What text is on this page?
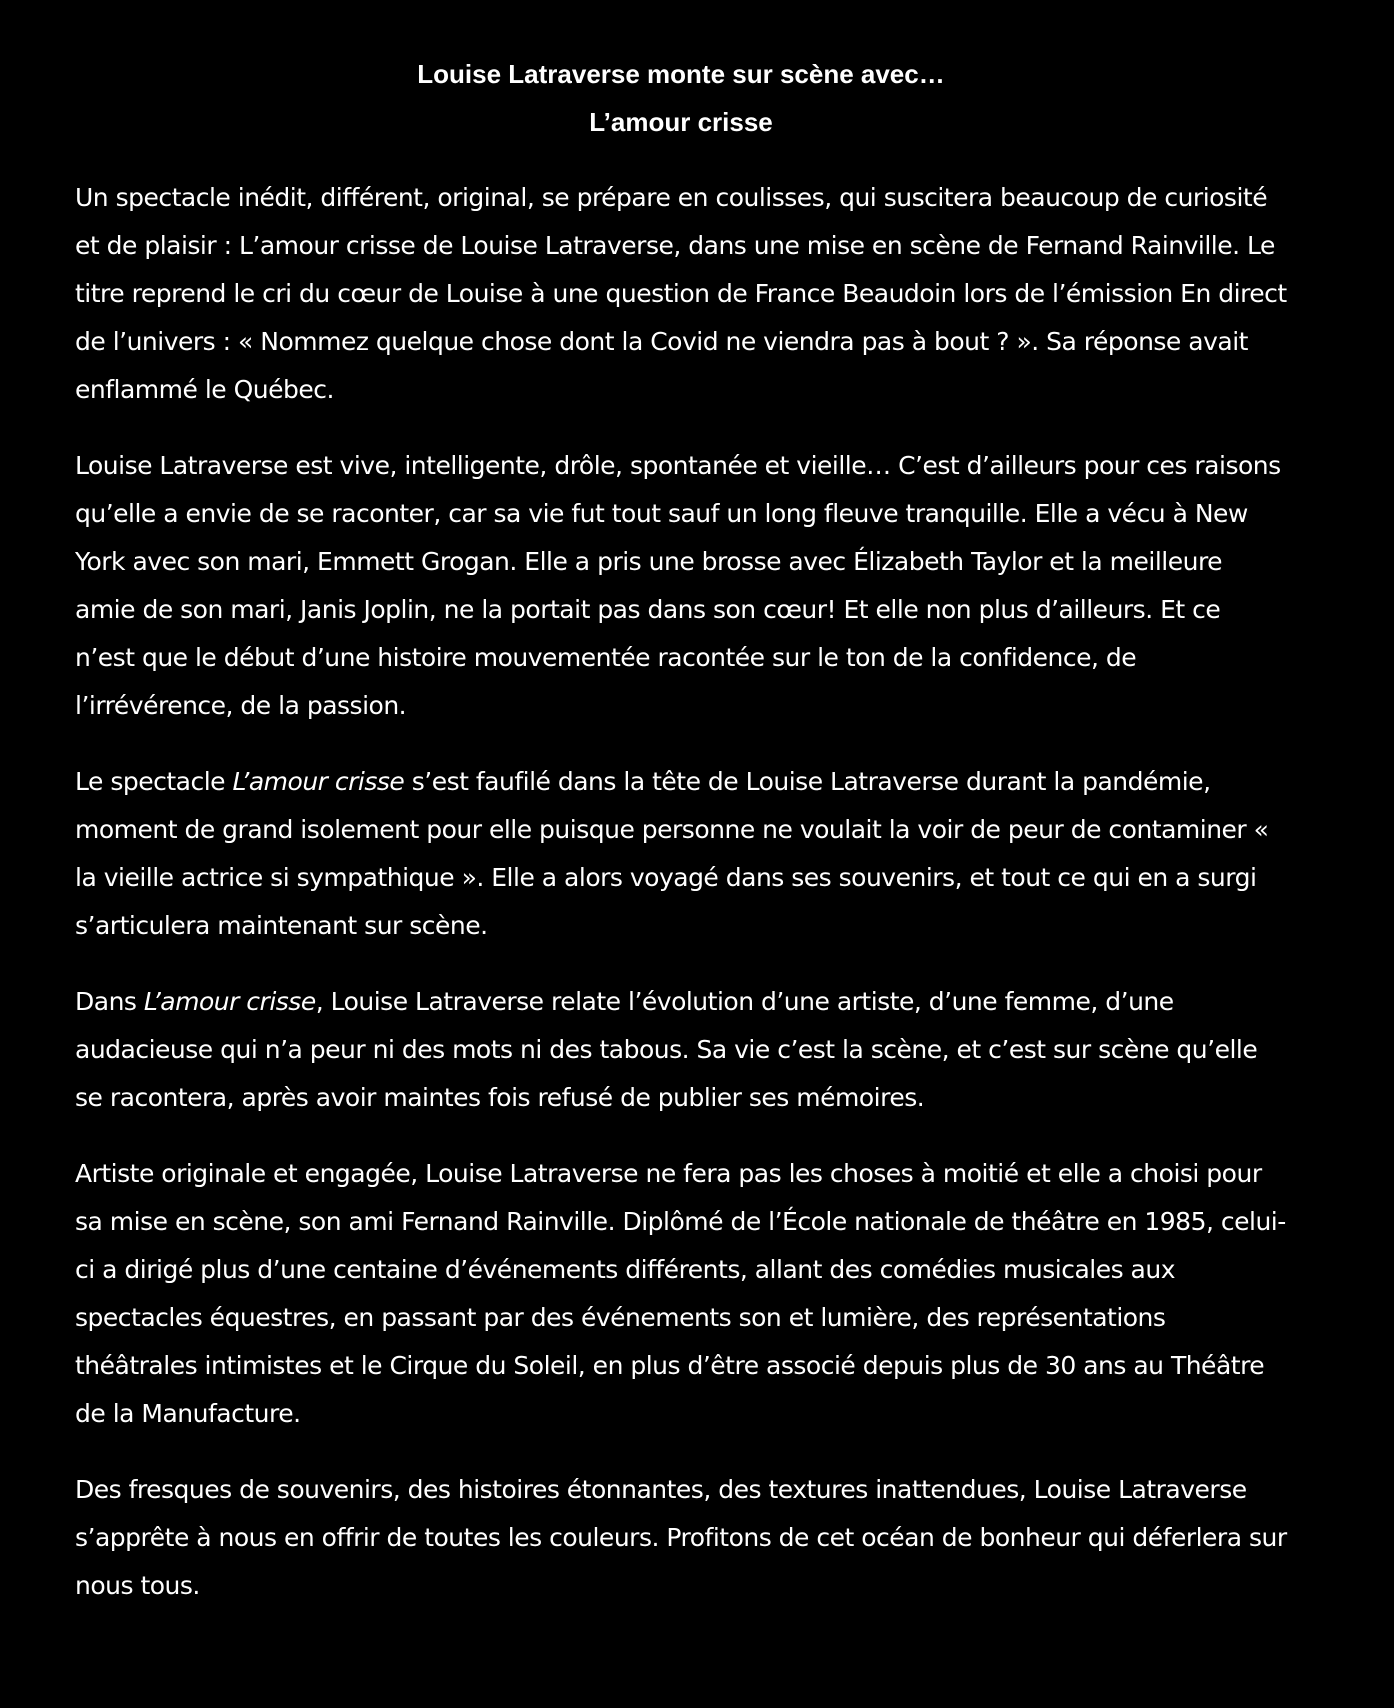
Louise Latraverse monte sur scène avec…
L’amour crisse

Un spectacle inédit, différent, original, se prépare en coulisses, qui suscitera beaucoup de curiosité et de plaisir : L’amour crisse de Louise Latraverse, dans une mise en scène de Fernand Rainville. Le titre reprend le cri du cœur de Louise à une question de France Beaudoin lors de l’émission En direct de l’univers : « Nommez quelque chose dont la Covid ne viendra pas à bout ? ». Sa réponse avait enflammé le Québec.

Louise Latraverse est vive, intelligente, drôle, spontanée et vieille… C’est d’ailleurs pour ces raisons qu’elle a envie de se raconter, car sa vie fut tout sauf un long fleuve tranquille. Elle a vécu à New York avec son mari, Emmett Grogan. Elle a pris une brosse avec Élizabeth Taylor et la meilleure amie de son mari, Janis Joplin, ne la portait pas dans son cœur! Et elle non plus d’ailleurs. Et ce n’est que le début d’une histoire mouvementée racontée sur le ton de la confidence, de l’irrévérence, de la passion.

Le spectacle L’amour crisse s’est faufilé dans la tête de Louise Latraverse durant la pandémie, moment de grand isolement pour elle puisque personne ne voulait la voir de peur de contaminer « la vieille actrice si sympathique ». Elle a alors voyagé dans ses souvenirs, et tout ce qui en a surgi s’articulera maintenant sur scène.

Dans L’amour crisse, Louise Latraverse relate l’évolution d’une artiste, d’une femme, d’une audacieuse qui n’a peur ni des mots ni des tabous. Sa vie c’est la scène, et c’est sur scène qu’elle se racontera, après avoir maintes fois refusé de publier ses mémoires.

Artiste originale et engagée, Louise Latraverse ne fera pas les choses à moitié et elle a choisi pour sa mise en scène, son ami Fernand Rainville. Diplômé de l’École nationale de théâtre en 1985, celui-ci a dirigé plus d’une centaine d’événements différents, allant des comédies musicales aux spectacles équestres, en passant par des événements son et lumière, des représentations théâtrales intimistes et le Cirque du Soleil, en plus d’être associé depuis plus de 30 ans au Théâtre de la Manufacture.

Des fresques de souvenirs, des histoires étonnantes, des textures inattendues, Louise Latraverse s’apprête à nous en offrir de toutes les couleurs. Profitons de cet océan de bonheur qui déferlera sur nous tous.
